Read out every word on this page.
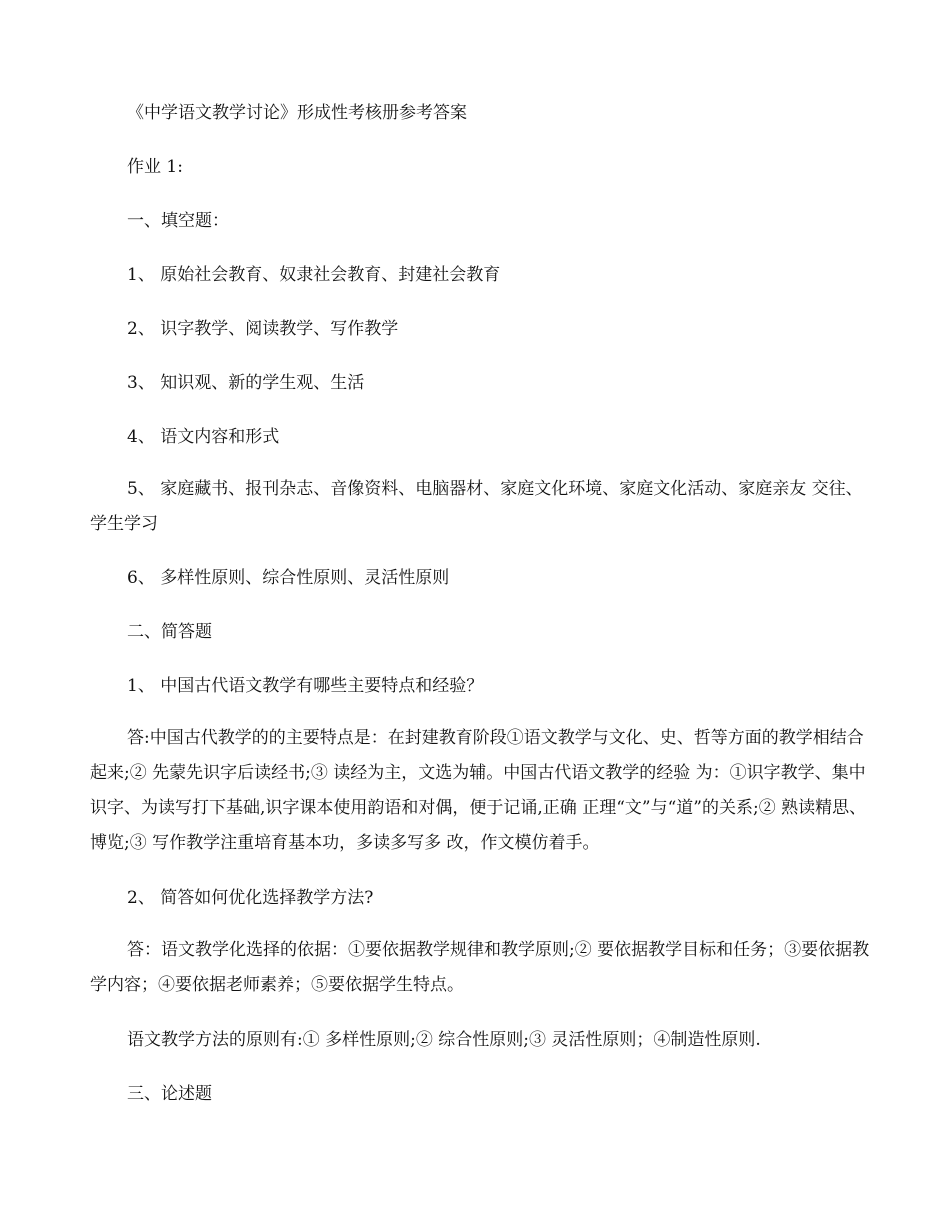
《中学语文教学讨论》形成性考核册参考答案
作业 1:
一、填空题：
1、 原始社会教育、奴隶社会教育、封建社会教育
2、 识字教学、阅读教学、写作教学
3、 知识观、新的学生观、生活
4、 语文内容和形式
5、 家庭藏书、报刊杂志、音像资料、电脑器材、家庭文化环境、家庭文化活动、家庭亲友 交往、学生学习
6、 多样性原则、综合性原则、灵活性原则
二、简答题
1、 中国古代语文教学有哪些主要特点和经验？
答:中国古代教学的的主要特点是：在封建教育阶段①语文教学与文化、史、哲等方面的教学相结合起来;② 先蒙先识字后读经书;③ 读经为主，文选为辅。中国古代语文教学的经验 为：①识字教学、集中识字、为读写打下基础,识字课本使用韵语和对偶，便于记诵,正确 正理“文”与“道”的关系;② 熟读精思、博览;③ 写作教学注重培育基本功，多读多写多 改，作文模仿着手。
2、 简答如何优化选择教学方法?
答：语文教学化选择的依据：①要依据教学规律和教学原则;② 要依据教学目标和任务；③要依据教学内容；④要依据老师素养；⑤要依据学生特点。
语文教学方法的原则有:① 多样性原则;② 综合性原则;③ 灵活性原则；④制造性原则.
三、论述题
